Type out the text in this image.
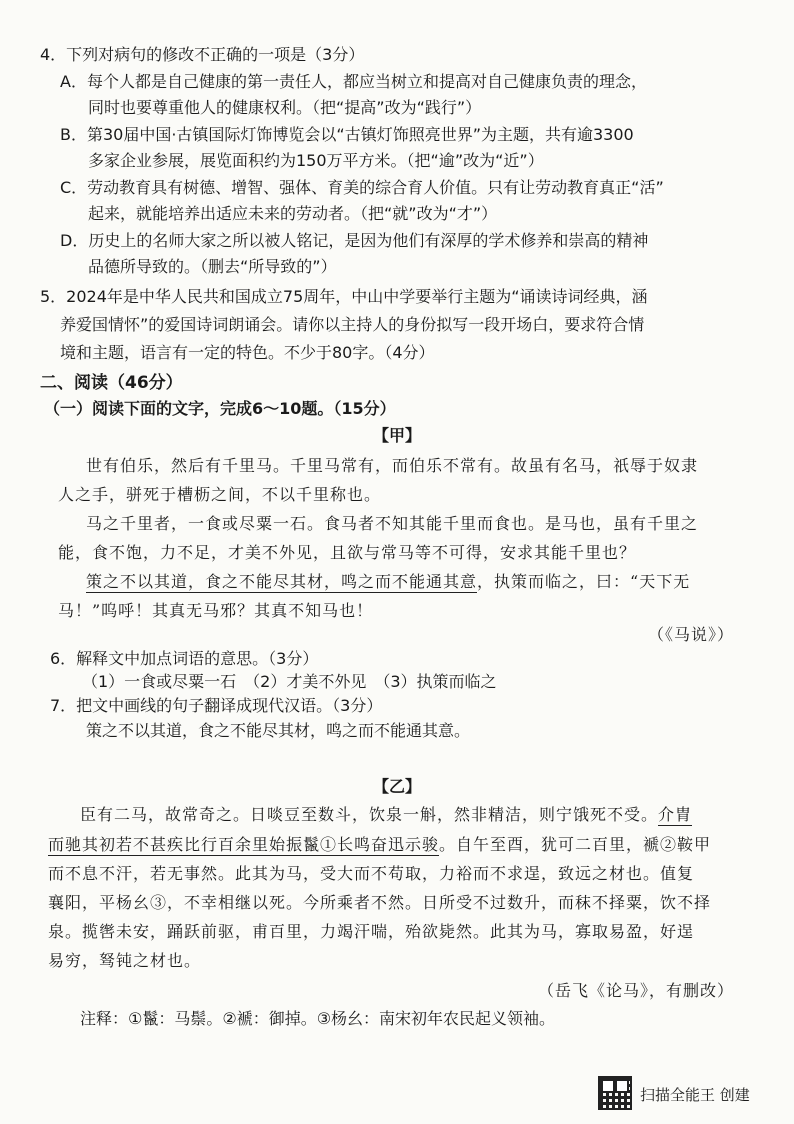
4．下列对病句的修改不正确的一项是（3分）
A．每个人都是自己健康的第一责任人，都应当树立和提高对自己健康负责的理念，
同时也要尊重他人的健康权利。（把“提高”改为“践行”）
B．第30届中国·古镇国际灯饰博览会以“古镇灯饰照亮世界”为主题，共有逾3300
多家企业参展，展览面积约为150万平方米。（把“逾”改为“近”）
C．劳动教育具有树德、增智、强体、育美的综合育人价值。只有让劳动教育真正“活”
起来，就能培养出适应未来的劳动者。（把“就”改为“才”）
D．历史上的名师大家之所以被人铭记，是因为他们有深厚的学术修养和崇高的精神
品德所导致的。（删去“所导致的”）
5．2024年是中华人民共和国成立75周年，中山中学要举行主题为“诵读诗词经典，涵
养爱国情怀”的爱国诗词朗诵会。请你以主持人的身份拟写一段开场白，要求符合情
境和主题，语言有一定的特色。不少于80字。（4分）
二、阅读（46分）
（一）阅读下面的文字，完成6～10题。（15分）
【甲】
世有伯乐，然后有千里马。千里马常有，而伯乐不常有。故虽有名马，祇辱于奴隶
人之手，骈死于槽枥之间，不以千里称也。
马之千里者，一食或尽粟一石。食马者不知其能千里而食也。是马也，虽有千里之
能，食不饱，力不足，才美不外见，且欲与常马等不可得，安求其能千里也？
策之不以其道，食之不能尽其材，鸣之而不能通其意，执策而临之，曰：“天下无
马！”呜呼！其真无马邪？其真不知马也！
（《马说》）
6．解释文中加点词语的意思。（3分）
（1）一食或尽粟一石　（2）才美不外见　（3）执策而临之
7．把文中画线的句子翻译成现代汉语。（3分）
策之不以其道，食之不能尽其材，鸣之而不能通其意。
【乙】
臣有二马，故常奇之。日啖豆至数斗，饮泉一斛，然非精洁，则宁饿死不受。介胄
而驰其初若不甚疾比行百余里始振鬣①长鸣奋迅示骏。自午至酉，犹可二百里，褫②鞍甲
而不息不汗，若无事然。此其为马，受大而不苟取，力裕而不求逞，致远之材也。值复
襄阳，平杨幺③，不幸相继以死。今所乘者不然。日所受不过数升，而秣不择粟，饮不择
泉。揽辔未安，踊跃前驱，甫百里，力竭汗喘，殆欲毙然。此其为马，寡取易盈，好逞
易穷，驽钝之材也。
（岳飞《论马》，有删改）
注释：①鬣：马鬃。②褫：御掉。③杨幺：南宋初年农民起义领袖。
扫描全能王 创建
